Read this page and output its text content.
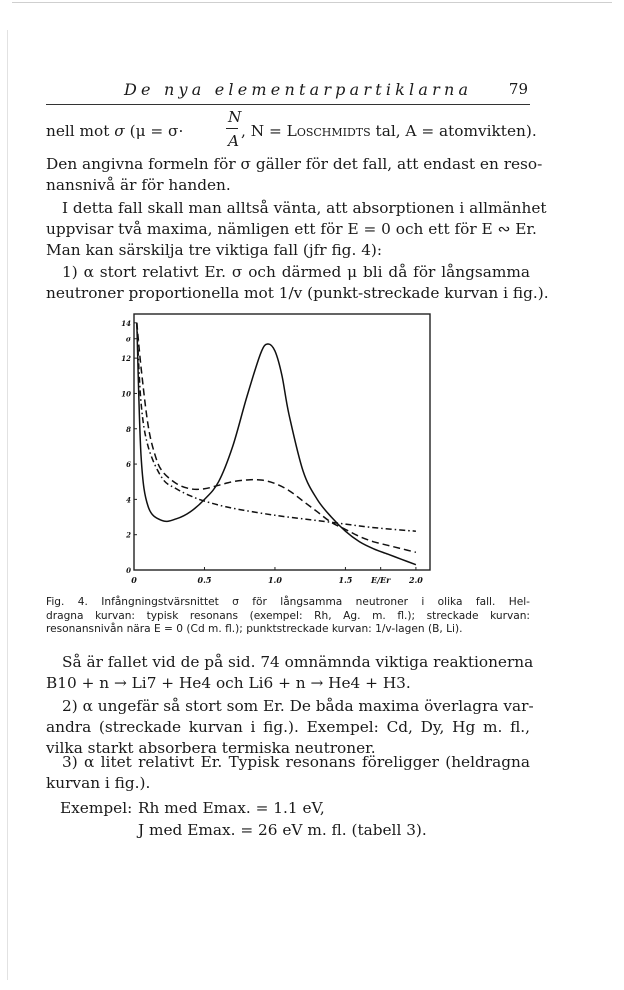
De nya elementarpartiklarna 79
N
A
nell mot σ (μ = σ·	, N = Loschmidts tal, A = atomvikten).

Den angivna formeln för σ gäller för det fall, att endast en reso-
nansnivå är för handen.

I detta fall skall man alltså vänta, att absorptionen i allmänhet
uppvisar två maxima, nämligen ett för E = 0 och ett för E ∾ Er.
Man kan särskilja tre viktiga fall (jfr fig. 4):

1) α stort relativt Er. σ och därmed μ bli då för långsamma
neutroner proportionella mot 1/v (punkt-streckade kurvan i fig.).

0	0.5	1.0	1.5 E/Er 2.0
0
2
4
6
8
10
12
σ
14
Fig. 4. Infångningstvärsnittet σ för långsamma neutroner i olika fall. Hel-
dragna kurvan: typisk resonans (exempel: Rh, Ag. m. fl.); streckade kurvan:
resonansnivån nära E = 0 (Cd m. fl.); punktstreckade kurvan: 1/v-lagen (B, Li).

Så är fallet vid de på sid. 74 omnämnda viktiga reaktionerna
B10 + n → Li7 + He4 och Li6 + n → He4 + H3.

2) α ungefär så stort som Er. De båda maxima överlagra var-
andra (streckade kurvan i fig.). Exempel: Cd, Dy, Hg m. fl.,
vilka starkt absorbera termiska neutroner.

3) α litet relativt Er. Typisk resonans föreligger (heldragna
kurvan i fig.).

Exempel: Rh med Emax. = 1.1 eV,
J med Emax. = 26 eV m. fl. (tabell 3).
